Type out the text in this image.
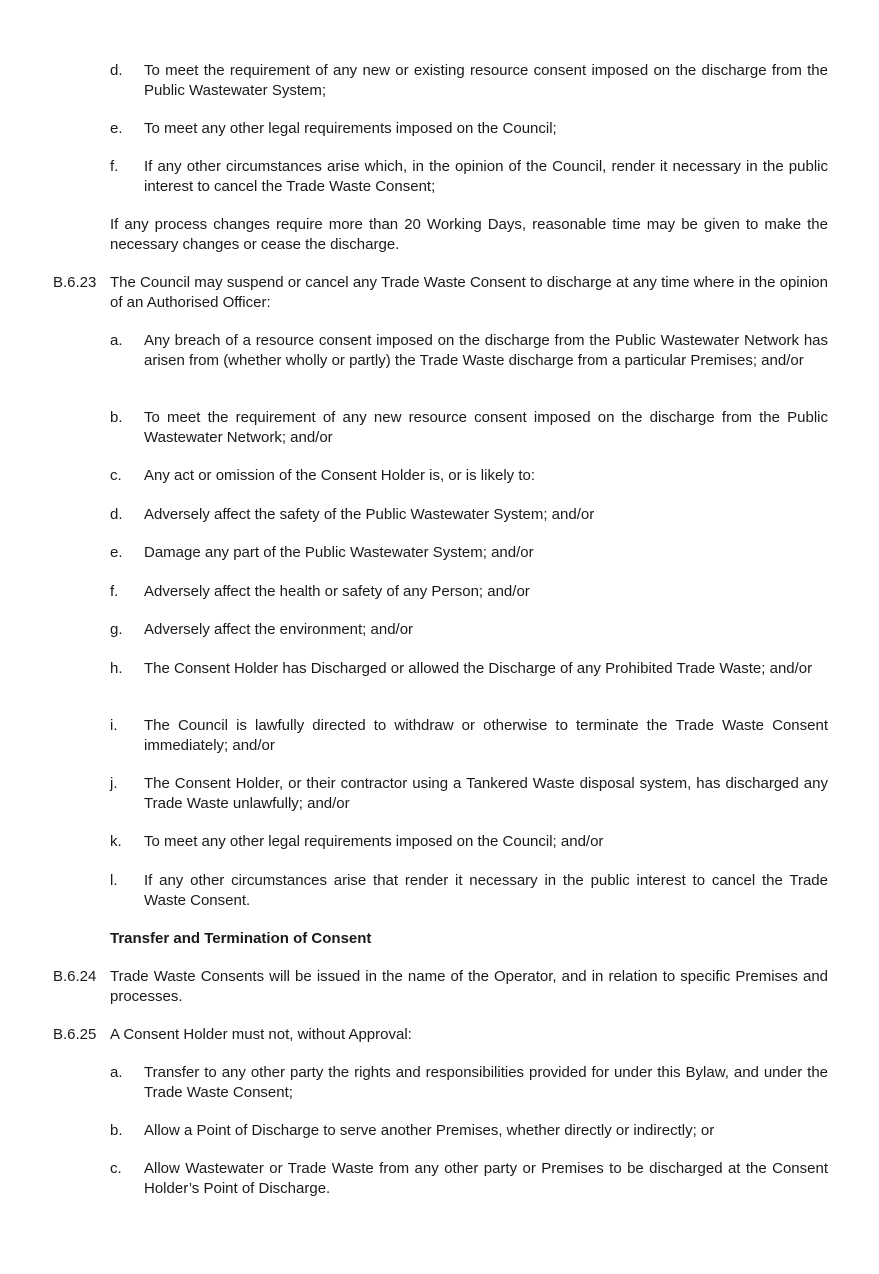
d.	To meet the requirement of any new or existing resource consent imposed on the discharge from the Public Wastewater System;
e.	To meet any other legal requirements imposed on the Council;
f.	If any other circumstances arise which, in the opinion of the Council, render it necessary in the public interest to cancel the Trade Waste Consent;
If any process changes require more than 20 Working Days, reasonable time may be given to make the necessary changes or cease the discharge.
B.6.23 The Council may suspend or cancel any Trade Waste Consent to discharge at any time where in the opinion of an Authorised Officer:
a.	Any breach of a resource consent imposed on the discharge from the Public Wastewater Network has arisen from (whether wholly or partly) the Trade Waste discharge from a particular Premises; and/or
b.	To meet the requirement of any new resource consent imposed on the discharge from the Public Wastewater Network; and/or
c.	Any act or omission of the Consent Holder is, or is likely to:
d.	Adversely affect the safety of the Public Wastewater System; and/or
e.	Damage any part of the Public Wastewater System; and/or
f.	Adversely affect the health or safety of any Person; and/or
g.	Adversely affect the environment; and/or
h.	The Consent Holder has Discharged or allowed the Discharge of any Prohibited Trade Waste; and/or
i.	The Council is lawfully directed to withdraw or otherwise to terminate the Trade Waste Consent immediately; and/or
j.	The Consent Holder, or their contractor using a Tankered Waste disposal system, has discharged any Trade Waste unlawfully; and/or
k.	To meet any other legal requirements imposed on the Council; and/or
l.	If any other circumstances arise that render it necessary in the public interest to cancel the Trade Waste Consent.
Transfer and Termination of Consent
B.6.24 Trade Waste Consents will be issued in the name of the Operator, and in relation to specific Premises and processes.
B.6.25 A Consent Holder must not, without Approval:
a.	Transfer to any other party the rights and responsibilities provided for under this Bylaw, and under the Trade Waste Consent;
b.	Allow a Point of Discharge to serve another Premises, whether directly or indirectly; or
c.	Allow Wastewater or Trade Waste from any other party or Premises to be discharged at the Consent Holder’s Point of Discharge.
